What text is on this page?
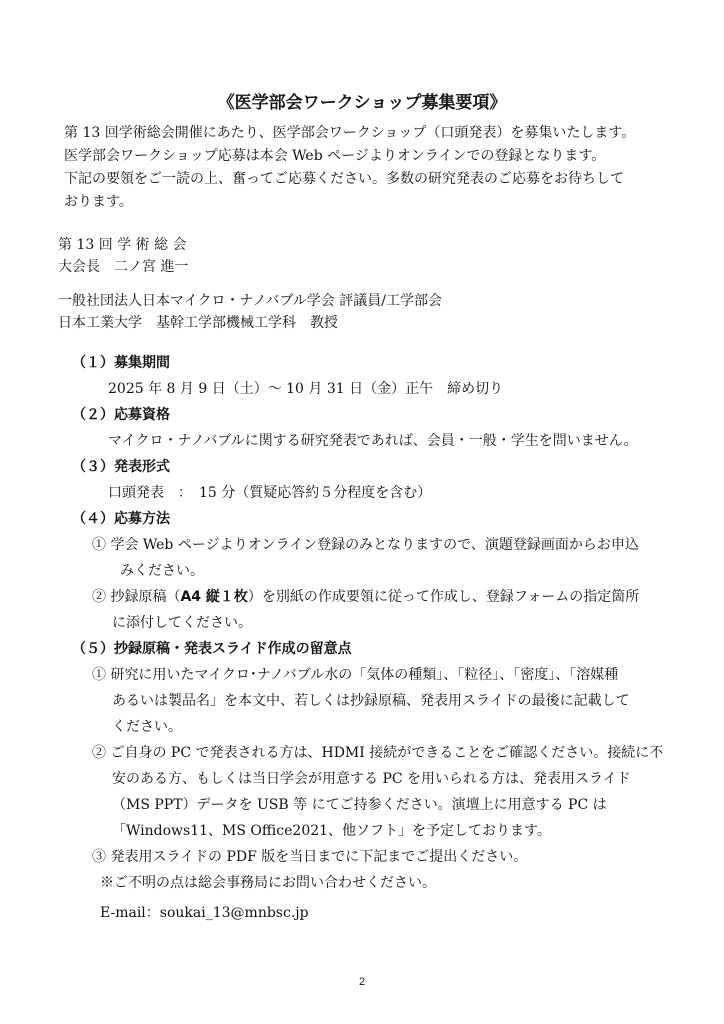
《医学部会ワークショップ募集要項》

第 13 回学術総会開催にあたり、医学部会ワークショップ（口頭発表）を募集いたします。

医学部会ワークショップ応募は本会 Web ページよりオンラインでの登録となります。

下記の要領をご一読の上、奮ってご応募ください。多数の研究発表のご応募をお待ちして

おります。

第 13 回 学 術 総 会

大会長　二ノ宮 進一

一般社団法人日本マイクロ・ナノバブル学会 評議員/工学部会

日本工業大学　基幹工学部機械工学科　教授

（１）募集期間
2025 年 8 月 9 日（土）～ 10 月 31 日（金）正午　締め切り
（２）応募資格
マイクロ・ナノバブルに関する研究発表であれば、会員・一般・学生を問いません。
（３）発表形式
口頭発表　：　15 分（質疑応答約５分程度を含む）
（４）応募方法
① 学会 Web ページよりオンライン登録のみとなりますので、演題登録画面からお申込
みください。
② 抄録原稿（A4 縦１枚）を別紙の作成要領に従って作成し、登録フォームの指定箇所
に添付してください。
（５）抄録原稿・発表スライド作成の留意点
① 研究に用いたマイクロ･ナノバブル水の「気体の種類」、「粒径」、「密度」、「溶媒種
あるいは製品名」を本文中、若しくは抄録原稿、発表用スライドの最後に記載して
ください。
② ご自身の PC で発表される方は、HDMI 接続ができることをご確認ください。接続に不
安のある方、もしくは当日学会が用意する PC を用いられる方は、発表用スライド
（MS PPT）データを USB 等 にてご持参ください。演壇上に用意する PC は
「Windows11、MS Office2021、他ソフト」を予定しております。
③ 発表用スライドの PDF 版を当日までに下記までご提出ください。
※ご不明の点は総会事務局にお問い合わせください。
E-mail：soukai_13@mnbsc.jp
2
